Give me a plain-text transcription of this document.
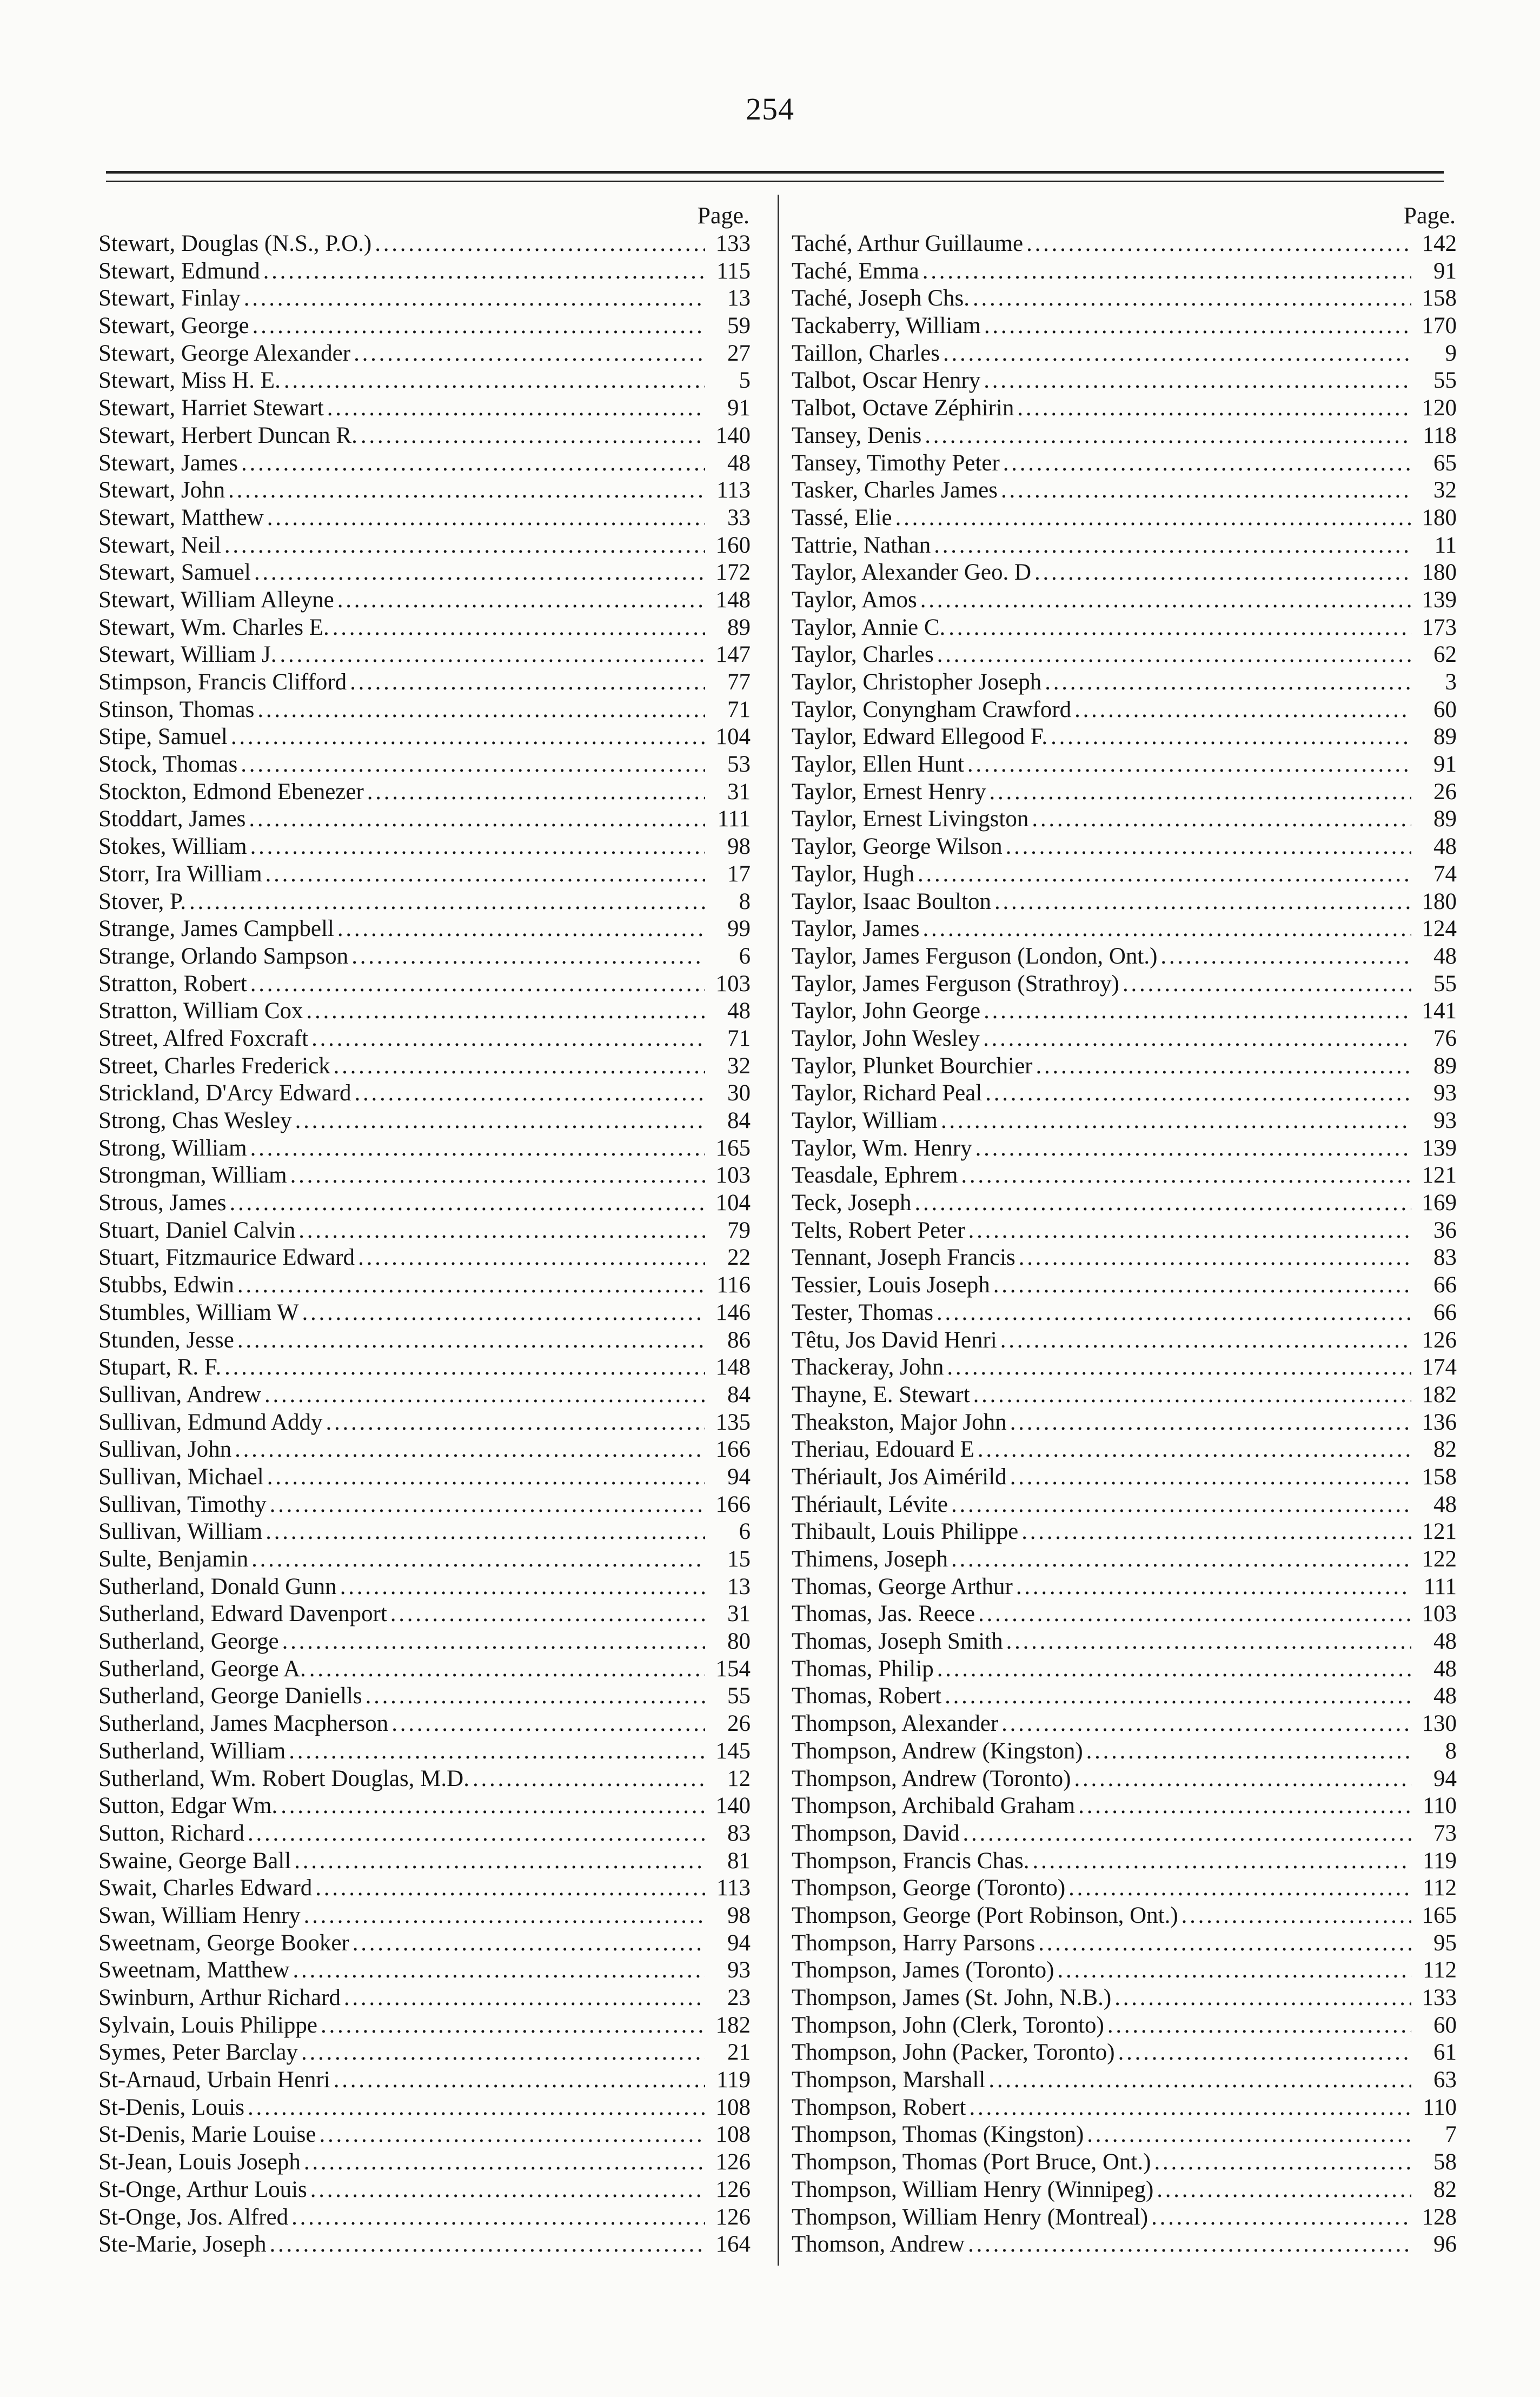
254
Page.
Stewart, Douglas (N.S., P.O.) . . .	133
Stewart, Edmund . . .	115
Stewart, Finlay . . .	13
Stewart, George . . .	59
Stewart, George Alexander . . .	27
Stewart, Miss H. E. . . .	5
Stewart, Harriet Stewart . . .	91
Stewart, Herbert Duncan R. . . .	140
Stewart, James . . .	48
Stewart, John . . .	113
Stewart, Matthew . . .	33
Stewart, Neil . . .	160
Stewart, Samuel . . .	172
Stewart, William Alleyne . . .	148
Stewart, Wm. Charles E. . . .	89
Stewart, William J. . . .	147
Stimpson, Francis Clifford . . .	77
Stinson, Thomas . . .	71
Stipe, Samuel . . .	104
Stock, Thomas . . .	53
Stockton, Edmond Ebenezer . . .	31
Stoddart, James . . .	111
Stokes, William . . .	98
Storr, Ira William . . .	17
Stover, P. . . .	8
Strange, James Campbell . . .	99
Strange, Orlando Sampson . . .	6
Stratton, Robert . . .	103
Stratton, William Cox . . .	48
Street, Alfred Foxcraft . . .	71
Street, Charles Frederick . . .	32
Strickland, D'Arcy Edward . . .	30
Strong, Chas Wesley . . .	84
Strong, William . . .	165
Strongman, William . . .	103
Strous, James . . .	104
Stuart, Daniel Calvin . . .	79
Stuart, Fitzmaurice Edward . . .	22
Stubbs, Edwin . . .	116
Stumbles, William W . . .	146
Stunden, Jesse . . .	86
Stupart, R. F. . . .	148
Sullivan, Andrew . . .	84
Sullivan, Edmund Addy . . .	135
Sullivan, John . . .	166
Sullivan, Michael . . .	94
Sullivan, Timothy . . .	166
Sullivan, William . . .	6
Sulte, Benjamin . . .	15
Sutherland, Donald Gunn . . .	13
Sutherland, Edward Davenport . . .	31
Sutherland, George . . .	80
Sutherland, George A. . . .	154
Sutherland, George Daniells . . .	55
Sutherland, James Macpherson . . .	26
Sutherland, William . . .	145
Sutherland, Wm. Robert Douglas, M.D. . . .	12
Sutton, Edgar Wm. . . .	140
Sutton, Richard . . .	83
Swaine, George Ball . . .	81
Swait, Charles Edward . . .	113
Swan, William Henry . . .	98
Sweetnam, George Booker . . .	94
Sweetnam, Matthew . . .	93
Swinburn, Arthur Richard . . .	23
Sylvain, Louis Philippe . . .	182
Symes, Peter Barclay . . .	21
St-Arnaud, Urbain Henri . . .	119
St-Denis, Louis . . .	108
St-Denis, Marie Louise . . .	108
St-Jean, Louis Joseph . . .	126
St-Onge, Arthur Louis . . .	126
St-Onge, Jos. Alfred . . .	126
Ste-Marie, Joseph . . .	164
Page.
Taché, Arthur Guillaume . . .	142
Taché, Emma . . .	91
Taché, Joseph Chs. . . .	158
Tackaberry, William . . .	170
Taillon, Charles . . .	9
Talbot, Oscar Henry . . .	55
Talbot, Octave Zéphirin . . .	120
Tansey, Denis . . .	118
Tansey, Timothy Peter . . .	65
Tasker, Charles James . . .	32
Tassé, Elie . . .	180
Tattrie, Nathan . . .	11
Taylor, Alexander Geo. D . . .	180
Taylor, Amos . . .	139
Taylor, Annie C. . . .	173
Taylor, Charles . . .	62
Taylor, Christopher Joseph . . .	3
Taylor, Conyngham Crawford . . .	60
Taylor, Edward Ellegood F. . . .	89
Taylor, Ellen Hunt . . .	91
Taylor, Ernest Henry . . .	26
Taylor, Ernest Livingston . . .	89
Taylor, George Wilson . . .	48
Taylor, Hugh . . .	74
Taylor, Isaac Boulton . . .	180
Taylor, James . . .	124
Taylor, James Ferguson (London, Ont.) . . .	48
Taylor, James Ferguson (Strathroy) . . .	55
Taylor, John George . . .	141
Taylor, John Wesley . . .	76
Taylor, Plunket Bourchier . . .	89
Taylor, Richard Peal . . .	93
Taylor, William . . .	93
Taylor, Wm. Henry . . .	139
Teasdale, Ephrem . . .	121
Teck, Joseph . . .	169
Telts, Robert Peter . . .	36
Tennant, Joseph Francis . . .	83
Tessier, Louis Joseph . . .	66
Tester, Thomas . . .	66
Têtu, Jos David Henri . . .	126
Thackeray, John . . .	174
Thayne, E. Stewart . . .	182
Theakston, Major John . . .	136
Theriau, Edouard E . . .	82
Thériault, Jos Aimérild . . .	158
Thériault, Lévite . . .	48
Thibault, Louis Philippe . . .	121
Thimens, Joseph . . .	122
Thomas, George Arthur . . .	111
Thomas, Jas. Reece . . .	103
Thomas, Joseph Smith . . .	48
Thomas, Philip . . .	48
Thomas, Robert . . .	48
Thompson, Alexander . . .	130
Thompson, Andrew (Kingston) . . .	8
Thompson, Andrew (Toronto) . . .	94
Thompson, Archibald Graham . . .	110
Thompson, David . . .	73
Thompson, Francis Chas. . . .	119
Thompson, George (Toronto) . . .	112
Thompson, George (Port Robinson, Ont.) . . .	165
Thompson, Harry Parsons . . .	95
Thompson, James (Toronto) . . .	112
Thompson, James (St. John, N.B.) . . .	133
Thompson, John (Clerk, Toronto) . . .	60
Thompson, John (Packer, Toronto) . . .	61
Thompson, Marshall . . .	63
Thompson, Robert . . .	110
Thompson, Thomas (Kingston) . . .	7
Thompson, Thomas (Port Bruce, Ont.) . . .	58
Thompson, William Henry (Winnipeg) . . .	82
Thompson, William Henry (Montreal) . . .	128
Thomson, Andrew . . .	96
